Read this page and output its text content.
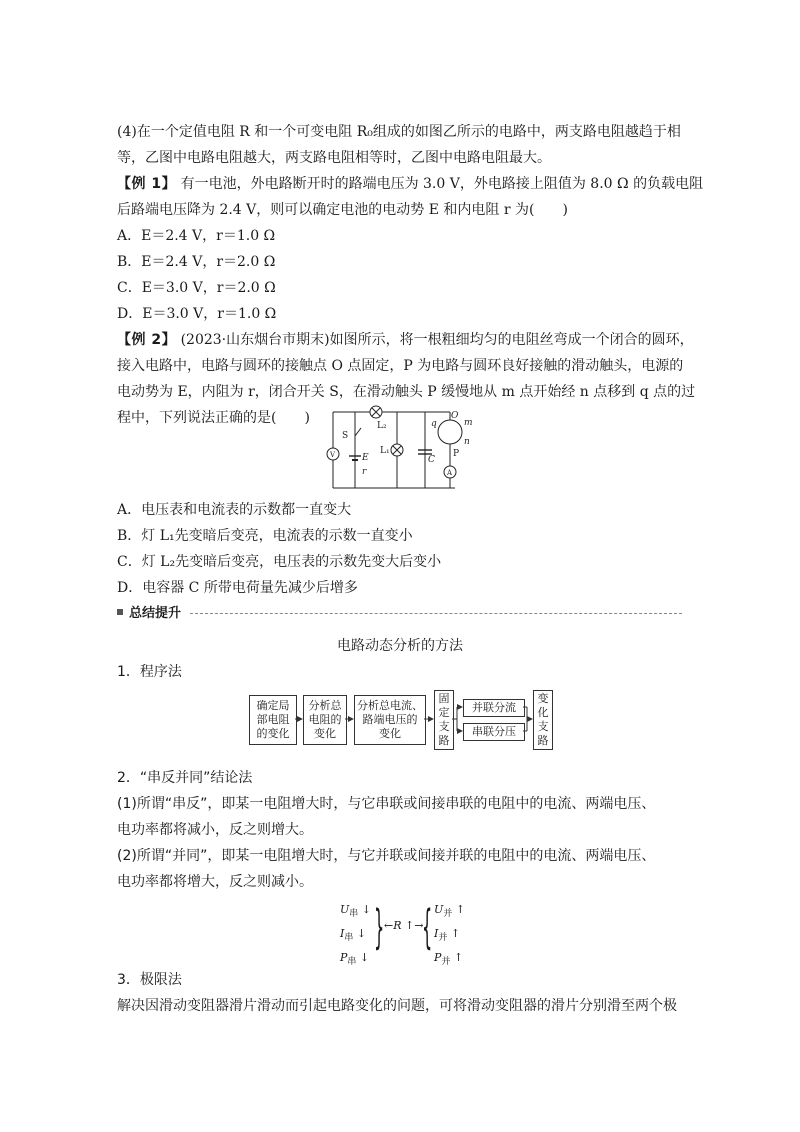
(4)在一个定值电阻 R 和一个可变电阻 R₀组成的如图乙所示的电路中，两支路电阻越趋于相
等，乙图中电路电阻越大，两支路电阻相等时，乙图中电路电阻最大。
【例 1】 有一电池，外电路断开时的路端电压为 3.0 V，外电路接上阻值为 8.0 Ω 的负载电阻
后路端电压降为 2.4 V，则可以确定电池的电动势 E 和内电阻 r 为(　　)
A．E＝2.4 V，r＝1.0 Ω
B．E＝2.4 V，r＝2.0 Ω
C．E＝3.0 V，r＝2.0 Ω
D．E＝3.0 V，r＝1.0 Ω
【例 2】 (2023·山东烟台市期末)如图所示，将一根粗细均匀的电阻丝弯成一个闭合的圆环，
接入电路中，电路与圆环的接触点 O 点固定，P 为电路与圆环良好接触的滑动触头，电源的
电动势为 E，内阻为 r，闭合开关 S，在滑动触头 P 缓慢地从 m 点开始经 n 点移到 q 点的过
程中，下列说法正确的是(　　)
V
S
E
r
L₂
L₁
C
A
q
O
m
n
P
A．电压表和电流表的示数都一直变大
B．灯 L₁先变暗后变亮，电流表的示数一直变小
C．灯 L₂先变暗后变亮，电压表的示数先变大后变小
D．电容器 C 所带电荷量先减少后增多
总结提升
电路动态分析的方法
1．程序法
确定局
部电阻
的变化
分析总
电阻的
变化
分析总电流、
路端电压的
变化
固
定
支
路
并联分流
串联分压
变
化
支
路
2．“串反并同”结论法
(1)所谓“串反”，即某一电阻增大时，与它串联或间接串联的电阻中的电流、两端电压、
电功率都将减小，反之则增大。
(2)所谓“并同”，即某一电阻增大时，与它并联或间接并联的电阻中的电流、两端电压、
电功率都将增大，反之则减小。
$U_串$ ↓
$I_串$ ↓
$P_串$ ↓
} ←R ↑→
{ $U_并$ ↑
$I_并$ ↑
$P_并$ ↑
3．极限法
解决因滑动变阻器滑片滑动而引起电路变化的问题，可将滑动变阻器的滑片分别滑至两个极
